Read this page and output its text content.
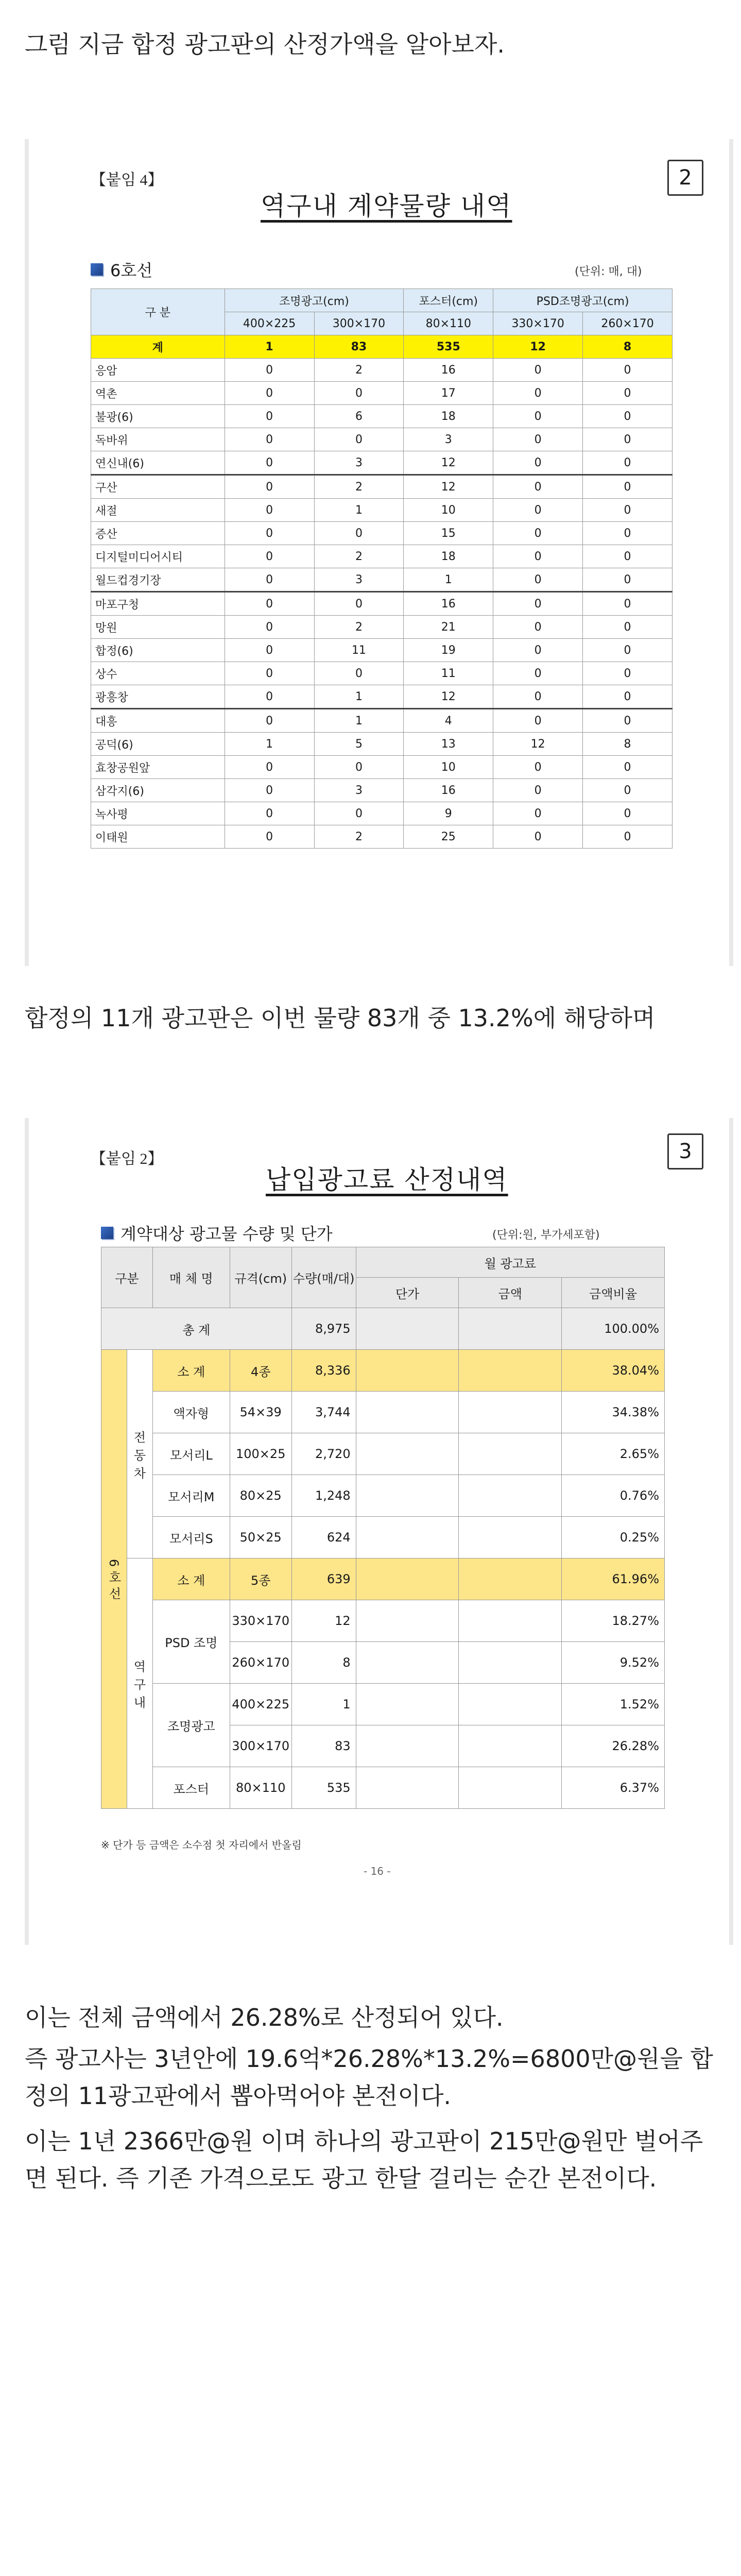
그럼 지금 합정 광고판의 산정가액을 알아보자.

【붙임 4】	2
역구내 계약물량 내역
6호선	(단위: 매, 대)
구 분	조명광고(cm)		포스터(cm)	PSD조명광고(cm)	
	400×225	300×170	80×110	330×170	260×170
계	1	83	535	12	8
응암	0	2	16	0	0
역촌	0	0	17	0	0
불광(6)	0	6	18	0	0
독바위	0	0	3	0	0
연신내(6)	0	3	12	0	0
구산	0	2	12	0	0
새절	0	1	10	0	0
증산	0	0	15	0	0
디지털미디어시티	0	2	18	0	0
월드컵경기장	0	3	1	0	0
마포구청	0	0	16	0	0
망원	0	2	21	0	0
합정(6)	0	11	19	0	0
상수	0	0	11	0	0
광흥창	0	1	12	0	0
대흥	0	1	4	0	0
공덕(6)	1	5	13	12	8
효창공원앞	0	0	10	0	0
삼각지(6)	0	3	16	0	0
녹사평	0	0	9	0	0
이태원	0	2	25	0	0

합정의 11개 광고판은 이번 물량 83개 중 13.2%에 해당하며

【붙임 2】	3
납입광고료 산정내역
계약대상 광고물 수량 및 단가	(단위:원, 부가세포함)
구분		매 체 명	규격(cm)	수량(매/대)	월 광고료		
					단가	금액	금액비율
총 계				8,975			100.00%
6 호 선	전 동 차	소 계	4종	8,336			38.04%
		액자형	54×39	3,744			34.38%
		모서리L	100×25	2,720			2.65%
		모서리M	80×25	1,248			0.76%
		모서리S	50×25	624			0.25%
	역 구 내	소 계	5종	639			61.96%
		PSD 조명	330×170	12			18.27%
			260×170	8			9.52%
		조명광고	400×225	1			1.52%
			300×170	83			26.28%
		포스터	80×110	535			6.37%
※ 단가 등 금액은 소수점 첫 자리에서 반올림
- 16 -

이는 전체 금액에서 26.28%로 산정되어 있다.

즉 광고사는 3년안에 19.6억*26.28%*13.2%=6800만@원을 합정의 11광고판에서 뽑아먹어야 본전이다.

이는 1년 2366만@원 이며 하나의 광고판이 215만@원만 벌어주면 된다. 즉 기존 가격으로도 광고 한달 걸리는 순간 본전이다.
